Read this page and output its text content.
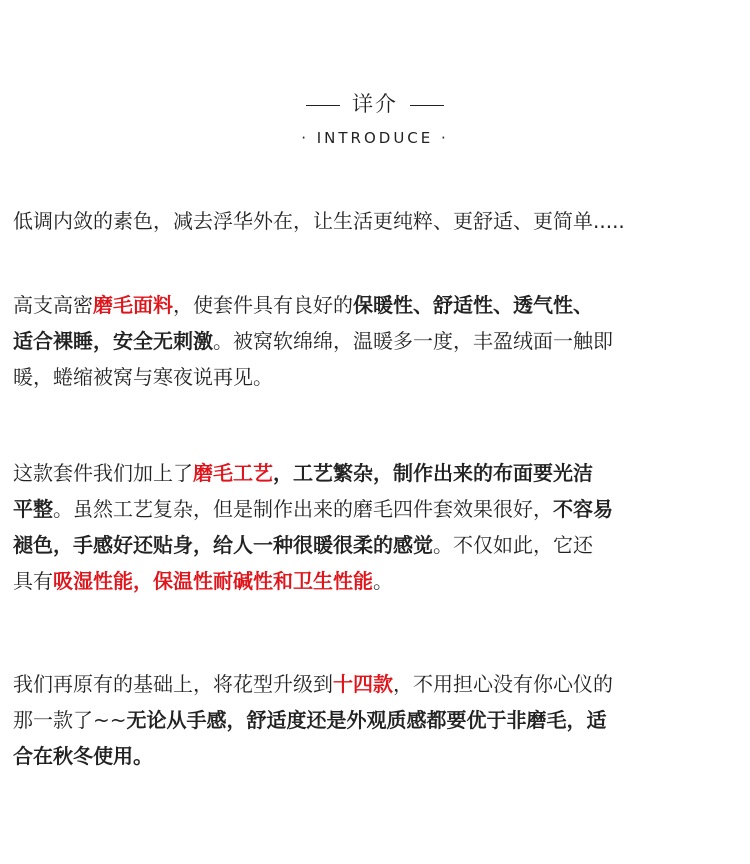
详介
· INTRODUCE ·
低调内敛的素色，减去浮华外在，让生活更纯粹、更舒适、更简单.....
高支高密磨毛面料，使套件具有良好的保暖性、舒适性、透气性、
适合裸睡，安全无刺激。被窝软绵绵，温暖多一度，丰盈绒面一触即
暖，蜷缩被窝与寒夜说再见。
这款套件我们加上了磨毛工艺，工艺繁杂，制作出来的布面要光洁
平整。虽然工艺复杂，但是制作出来的磨毛四件套效果很好，不容易
褪色，手感好还贴身，给人一种很暖很柔的感觉。不仅如此，它还
具有吸湿性能，保温性耐碱性和卫生性能。
我们再原有的基础上，将花型升级到十四款，不用担心没有你心仪的
那一款了~~无论从手感，舒适度还是外观质感都要优于非磨毛，适
合在秋冬使用。
